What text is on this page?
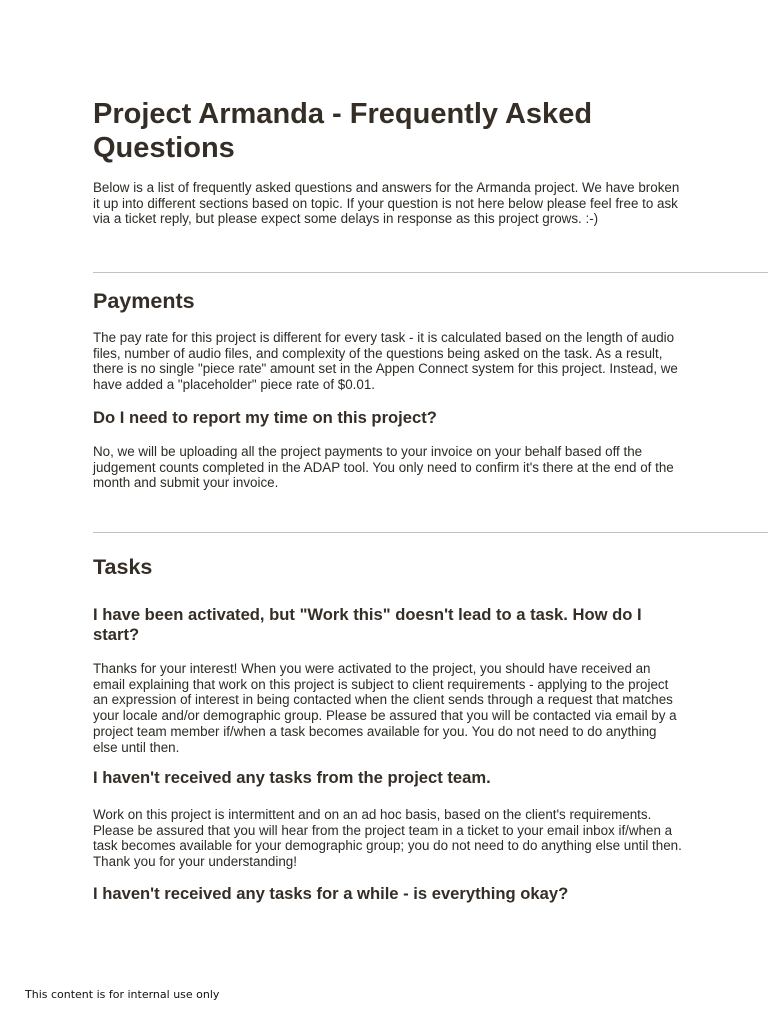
Project Armanda - Frequently Asked Questions

Below is a list of frequently asked questions and answers for the Armanda project. We have broken it up into different sections based on topic. If your question is not here below please feel free to ask via a ticket reply, but please expect some delays in response as this project grows. :-)

Payments

The pay rate for this project is different for every task - it is calculated based on the length of audio files, number of audio files, and complexity of the questions being asked on the task. As a result, there is no single "piece rate" amount set in the Appen Connect system for this project. Instead, we have added a "placeholder" piece rate of $0.01.

Do I need to report my time on this project?

No, we will be uploading all the project payments to your invoice on your behalf based off the judgement counts completed in the ADAP tool. You only need to confirm it's there at the end of the month and submit your invoice.

Tasks
I have been activated, but "Work this" doesn't lead to a task. How do I start?

Thanks for your interest! When you were activated to the project, you should have received an email explaining that work on this project is subject to client requirements - applying to the project an expression of interest in being contacted when the client sends through a request that matches your locale and/or demographic group. Please be assured that you will be contacted via email by a project team member if/when a task becomes available for you. You do not need to do anything else until then.

I haven't received any tasks from the project team.

Work on this project is intermittent and on an ad hoc basis, based on the client's requirements. Please be assured that you will hear from the project team in a ticket to your email inbox if/when a task becomes available for your demographic group; you do not need to do anything else until then. Thank you for your understanding!

I haven't received any tasks for a while - is everything okay?
This content is for internal use only
